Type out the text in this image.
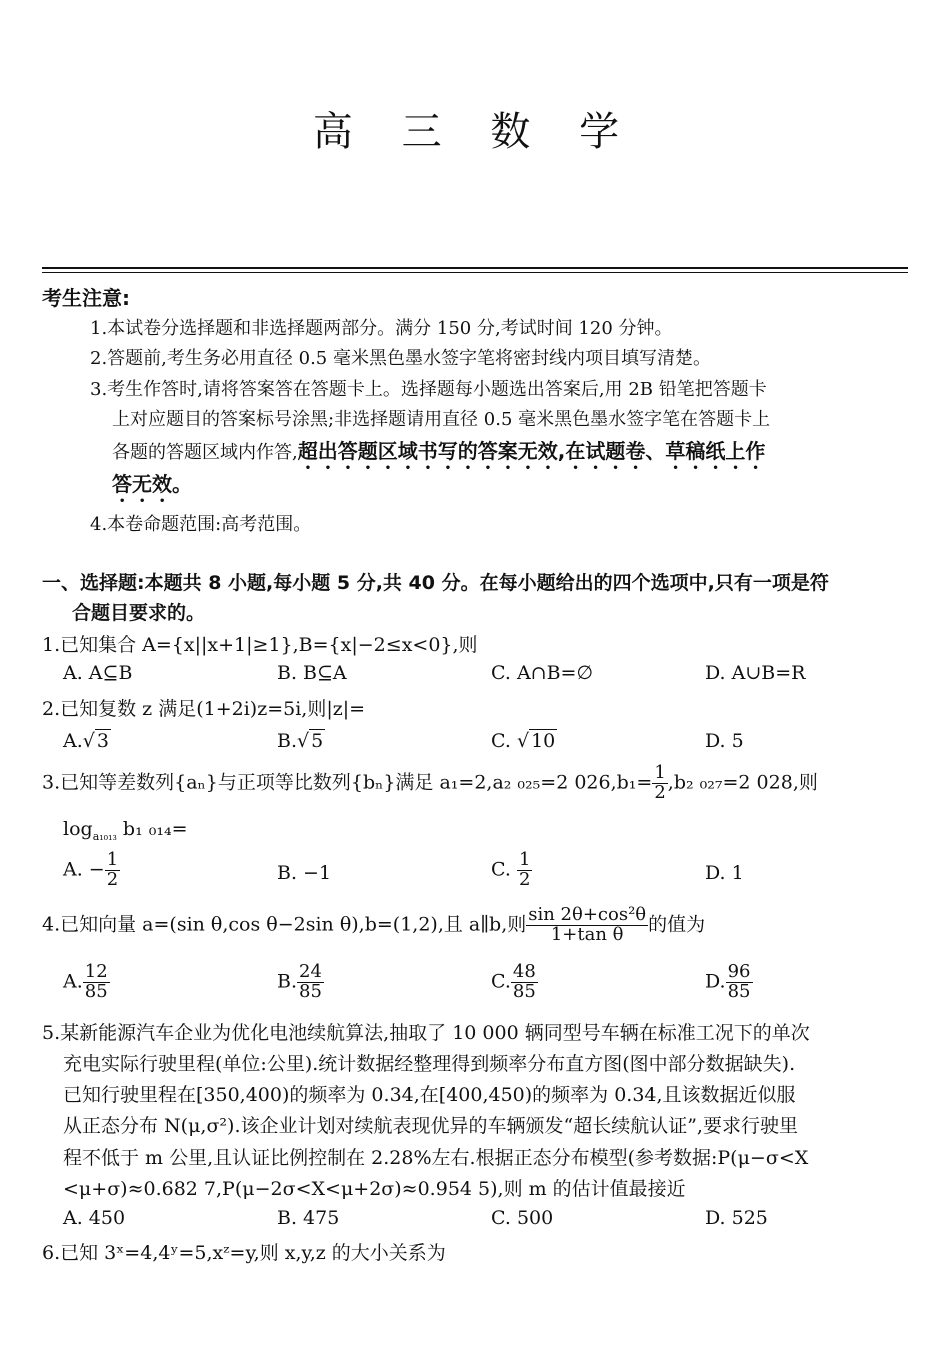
高 三 数 学
考生注意:
1.本试卷分选择题和非选择题两部分。满分 150 分,考试时间 120 分钟。
2.答题前,考生务必用直径 0.5 毫米黑色墨水签字笔将密封线内项目填写清楚。
3.考生作答时,请将答案答在答题卡上。选择题每小题选出答案后,用 2B 铅笔把答题卡
上对应题目的答案标号涂黑;非选择题请用直径 0.5 毫米黑色墨水签字笔在答题卡上
各题的答题区域内作答,超出答题区域书写的答案无效,在试题卷、草稿纸上作
答无效。
4.本卷命题范围:高考范围。
一、选择题:本题共 8 小题,每小题 5 分,共 40 分。在每小题给出的四个选项中,只有一项是符
合题目要求的。
1.已知集合 A={x||x+1|≥1},B={x|−2≤x<0},则
A. A⊆B	B. B⊆A	C. A∩B=∅	D. A∪B=R
2.已知复数 z 满足(1+2i)z=5i,则|z|=
A.√ 3	B.√ 5	C. √ 10	D. 5
3.已知等差数列{aₙ}与正项等比数列{bₙ}满足 a₁=2,a₂ ₀₂₅=2 $026,b_1= \frac{1}{2} ,b_2$ ₀₂₇=2 028,则
$\log_{a_{1013}} b_1$ ₀₁₄=
A. − $\frac{1}{2}$	B. −1	C. $\frac{1}{2}$	D. 1
4.已知向量 a=(sin θ,cos θ−2sin θ),b=(1,2),且 a∥b,则 $\frac{\text{sin 2θ+cos²θ}}{\text{1+tan θ}}$ 的值为
A. $\frac{12}{85}$	B. $\frac{24}{85}$	C. $\frac{48}{85}$	D. $\frac{96}{85}$
5.某新能源汽车企业为优化电池续航算法,抽取了 10 000 辆同型号车辆在标准工况下的单次
充电实际行驶里程(单位:公里).统计数据经整理得到频率分布直方图(图中部分数据缺失).
已知行驶里程在[350,400)的频率为 0.34,在[400,450)的频率为 0.34,且该数据近似服
从正态分布 N(μ,σ²).该企业计划对续航表现优异的车辆颁发“超长续航认证”,要求行驶里
程不低于 m 公里,且认证比例控制在 2.28%左右.根据正态分布模型(参考数据:P(μ−σ<X
<μ+σ)≈0.682 7,P(μ−2σ<X<μ+2σ)≈0.954 5),则 m 的估计值最接近
A. 450	B. 475	C. 500	D. 525
6.已知 3ˣ=4,4ʸ=5,xᶻ=y,则 x,y,z 的大小关系为
